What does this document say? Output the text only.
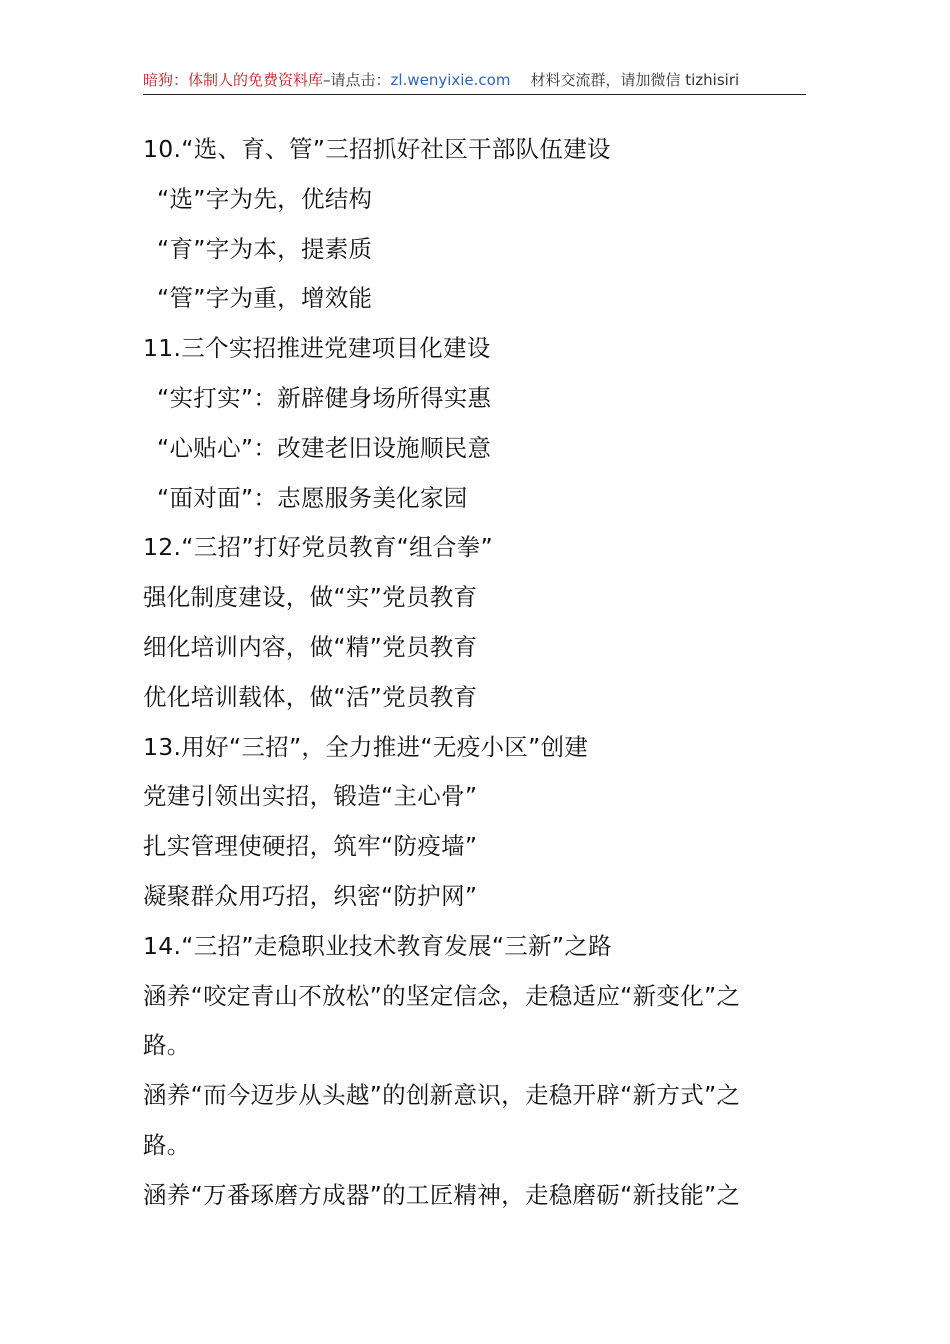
暗狗：体制人的免费资料库–请点击：zl.wenyixie.com 材料交流群，请加微信 tizhisiri
10.“选、育、管”三招抓好社区干部队伍建设
“选”字为先，优结构
“育”字为本，提素质
“管”字为重，增效能
11.三个实招推进党建项目化建设
“实打实”：新辟健身场所得实惠
“心贴心”：改建老旧设施顺民意
“面对面”：志愿服务美化家园
12.“三招”打好党员教育“组合拳”
强化制度建设，做“实”党员教育
细化培训内容，做“精”党员教育
优化培训载体，做“活”党员教育
13.用好“三招”，全力推进“无疫小区”创建
党建引领出实招，锻造“主心骨”
扎实管理使硬招，筑牢“防疫墙”
凝聚群众用巧招，织密“防护网”
14.“三招”走稳职业技术教育发展“三新”之路
涵养“咬定青山不放松”的坚定信念，走稳适应“新变化”之
路。
涵养“而今迈步从头越”的创新意识，走稳开辟“新方式”之
路。
涵养“万番琢磨方成器”的工匠精神，走稳磨砺“新技能”之
